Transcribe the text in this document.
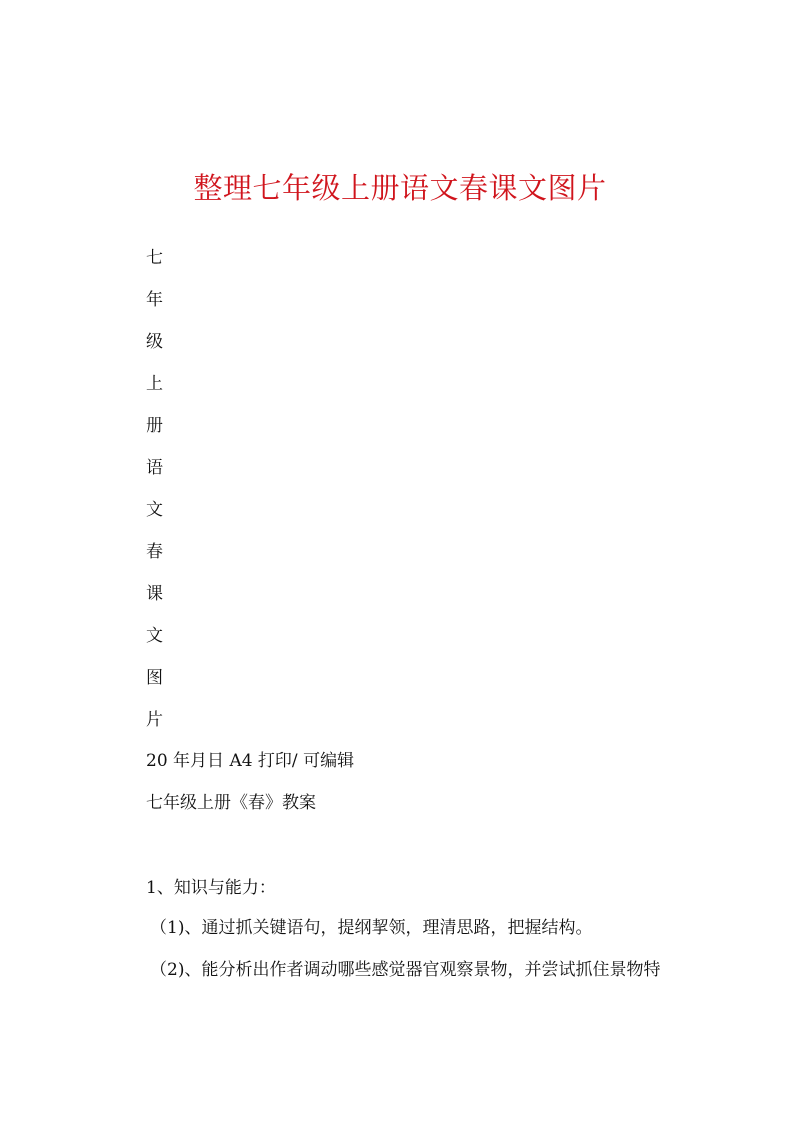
整理七年级上册语文春课文图片
七
年
级
上
册
语
文
春
课
文
图
片

20 年月日 A4 打印/ 可编辑

七年级上册《春》教案

1、知识与能力：

（1)、通过抓关键语句，提纲挈领，理清思路，把握结构。

（2)、能分析出作者调动哪些感觉器官观察景物，并尝试抓住景物特
